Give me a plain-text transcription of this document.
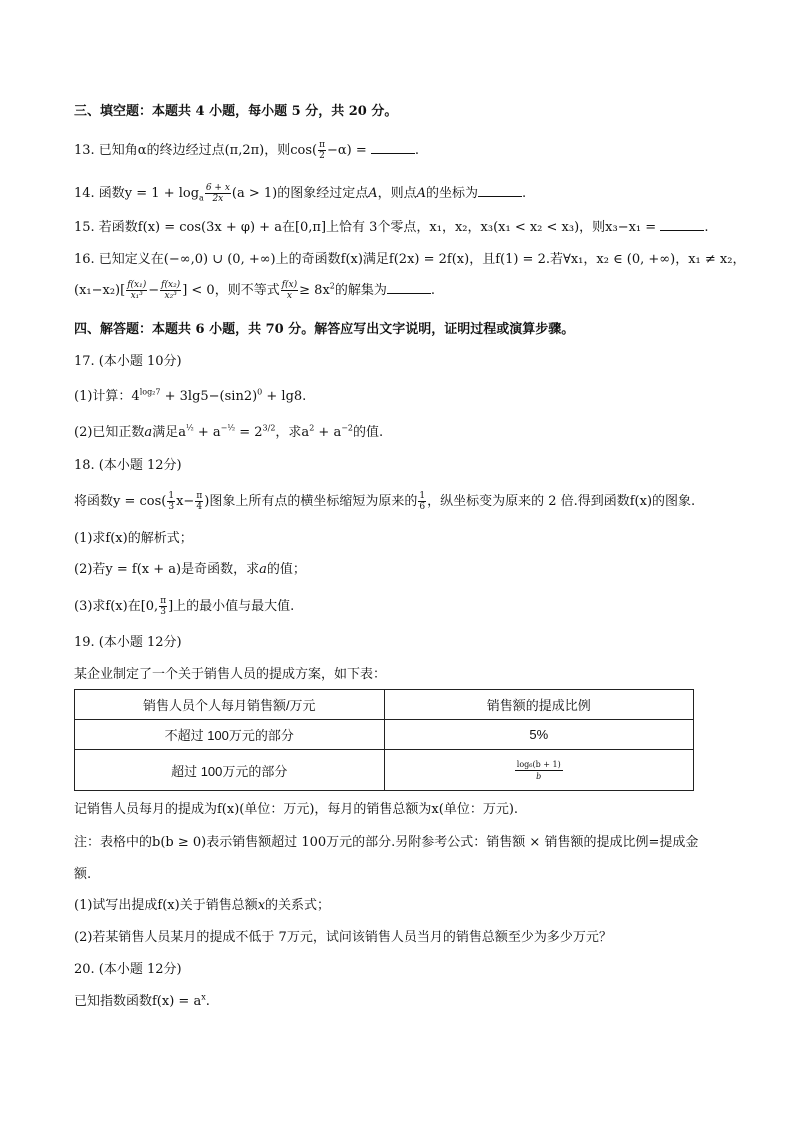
三、填空题：本题共 4 小题，每小题 5 分，共 20 分。
13. 已知角α的终边经过点(π,2π)，则$\cos( \frac{\pi}{2} -\alpha)$ =	.
14. 函数$y = 1 + \log_a \frac{6 + x}{2x} (a > 1)$的图象经过定点A，则点A的坐标为	.
15. 若函数f(x) = cos(3x + φ) + a在[0,π]上恰有 3个零点，x₁，x₂，x₃(x₁ < x₂ < x₃)，则x₃−x₁ =	.
16. 已知定义在(−∞,0) ∪ (0, +∞)上的奇函数f(x)满足f(2x) = 2f(x)，且f(1) = 2.若∀x₁，x₂ ∈ (0, +∞)，x₁ ≠ x₂，
$(x_1-x_2)[ \frac{\text{f(x₁)}}{\text{x₁³}} - \frac{\text{f(x₂)}}{\text{x₂³}}$ ] < 0，则不等式 $\frac{f(x)}{x} \ge 8x^2$的解集为	.
四、解答题：本题共 6 小题，共 70 分。解答应写出文字说明，证明过程或演算步骤。
17. (本小题 10分)
(1)计算：$4^{log_27} + 3\lg 5-(\sin 2)^0 + \lg 8$.
(2)已知正数a满足$a^{\frac{1}{2}} + a^{-\frac{1}{2}} = 2^{3/2}$，求$a^2 + a^{-2}$的值.
18. (本小题 12分)
将函数$y = \cos( \frac{1}{3} x- \frac{\pi}{4}$ )图象上所有点的横坐标缩短为原来的 $\frac{1}{6}$ ，纵坐标变为原来的 2 倍.得到函数f(x)的图象.
(1)求f(x)的解析式；
(2)若y = f(x + a)是奇函数，求a的值；
(3)求f(x)在[0, $\frac{\pi}{3}$ ]上的最小值与最大值.
19. (本小题 12分)
某企业制定了一个关于销售人员的提成方案，如下表：
销售人员个人每月销售额/万元	销售额的提成比例
不超过 100万元的部分	5%
超过 100万元的部分	$\frac{\text{log₆(b + 1)}}{b}$
记销售人员每月的提成为f(x)(单位：万元)，每月的销售总额为x(单位：万元).
注：表格中的b(b ≥ 0)表示销售额超过 100万元的部分.另附参考公式：销售额 × 销售额的提成比例=提成金
额.
(1)试写出提成f(x)关于销售总额x的关系式；
(2)若某销售人员某月的提成不低于 7万元，试问该销售人员当月的销售总额至少为多少万元？
20. (本小题 12分)
已知指数函数$f(x) = a^x$.
